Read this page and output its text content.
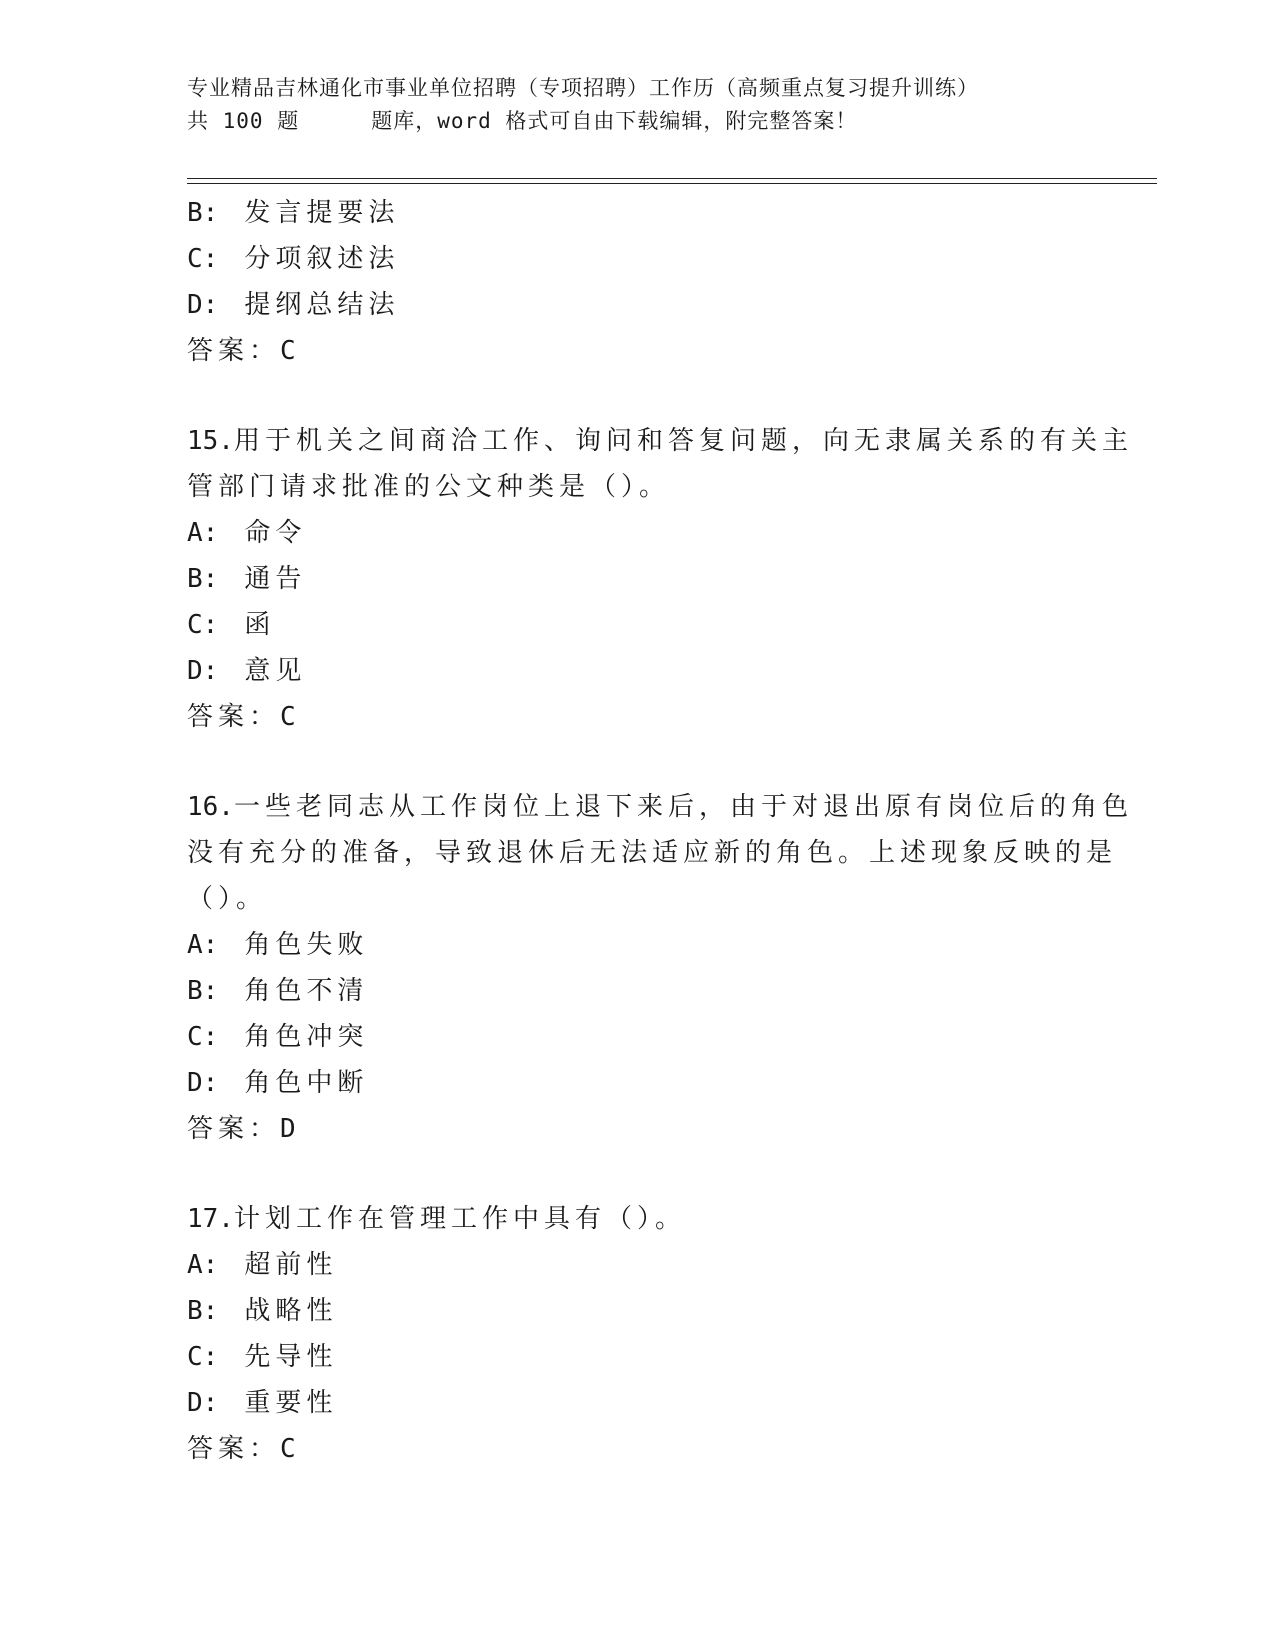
专业精品吉林通化市事业单位招聘（专项招聘）工作历（高频重点复习提升训练）
共 100 题	题库，word 格式可自由下载编辑，附完整答案！
B: 发言提要法
C: 分项叙述法
D: 提纲总结法
答案：C
15.用于机关之间商洽工作、询问和答复问题，向无隶属关系的有关主
管部门请求批准的公文种类是（）。
A: 命令
B: 通告
C: 函
D: 意见
答案：C
16.一些老同志从工作岗位上退下来后，由于对退出原有岗位后的角色
没有充分的准备，导致退休后无法适应新的角色。上述现象反映的是
（）。
A: 角色失败
B: 角色不清
C: 角色冲突
D: 角色中断
答案：D
17.计划工作在管理工作中具有（）。
A: 超前性
B: 战略性
C: 先导性
D: 重要性
答案：C
